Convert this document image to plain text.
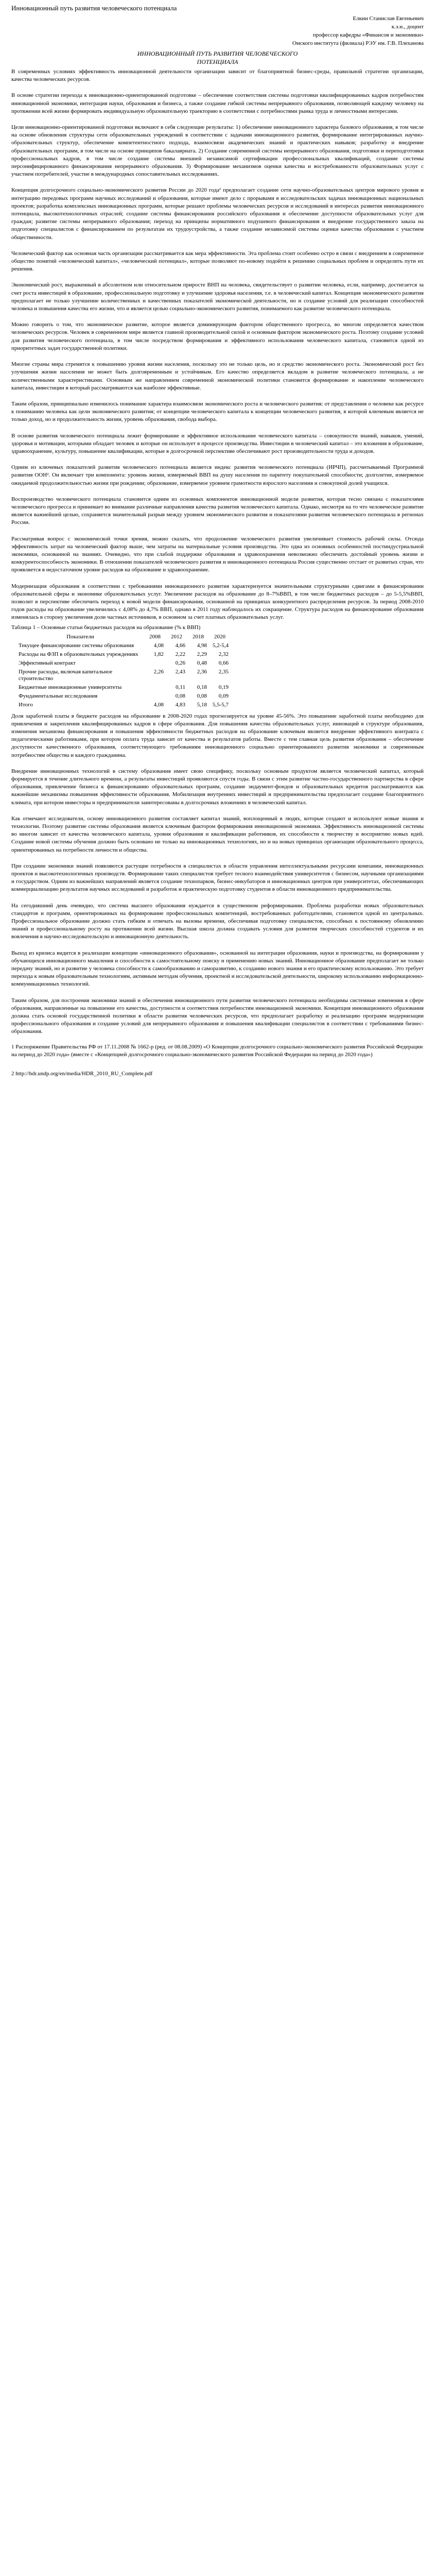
Инновационный путь развития человеческого потенциала
Елкин Станислав Евгеньевич
к.э.н., доцент
профессор кафедры «Финансов и экономики»
Омского института (филиала) РЭУ им. Г.В. Плеханова
ИННОВАЦИОННЫЙ ПУТЬ РАЗВИТИЯ ЧЕЛОВЕЧЕСКОГО
ПОТЕНЦИАЛА

В современных условиях эффективность инновационной деятельности организации зависит от благоприятной бизнес-среды, правильной стратегии организации, качества человеческих ресурсов.

В основе стратегии перехода к инновационно-ориентированной подготовке – обеспечение соответствия системы подготовки квалифицированных кадров потребностям инновационной экономики, интеграция науки, образования и бизнеса, а также создание гибкой системы непрерывного образования, позволяющей каждому человеку на протяжении всей жизни формировать индивидуальную образовательную траекторию в соответствии с потребностями рынка труда и личностными интересами.

Цели инновационно-ориентированной подготовки включают в себя следующие результаты: 1) обеспечение инновационного характера базового образования, в том числе на основе обновления структуры сети образовательных учреждений в соответствии с задачами инновационного развития, формирование интегрированных научно-образовательных структур, обеспечение компетентностного подхода, взаимосвязи академических знаний и практических навыков; разработку и внедрение образовательных программ, в том числе на основе принципов бакалавриата. 2) Создание современной системы непрерывного образования, подготовки и переподготовки профессиональных кадров, в том числе создание системы внешней независимой сертификации профессиональных квалификаций, создание системы персонифицированного финансирования непрерывного образования. 3) Формирование механизмов оценки качества и востребованности образовательных услуг с участием потребителей, участие в международных сопоставительных исследованиях.

Концепция долгосрочного социально-экономического развития России до 2020 года¹ предполагает создание сети научно-образовательных центров мирового уровня и интеграцию передовых программ научных исследований и образования, которые имеют дело с прорывами в исследовательских задачах инновационных национальных проектов; разработка комплексных инновационных программ, которые решают проблемы человеческих ресурсов и исследований в интересах развития инновационного потенциала, высокотехнологичных отраслей; создание системы финансирования российского образования и обеспечение доступности образовательных услуг для граждан; развитие системы непрерывного образования; переход на принципы нормативного подушевого финансирования и внедрение государственного заказа на подготовку специалистов с финансированием по результатам их трудоустройства, а также создание независимой системы оценки качества образования с участием общественности.

Человеческий фактор как основная часть организации рассматривается как мера эффективности. Эта проблема стоит особенно остро в связи с внедрением в современное общество понятий «человеческий капитал», «человеческий потенциал», которые позволяют по-новому подойти к решению социальных проблем и определить пути их решения.

Экономический рост, выраженный в абсолютном или относительном приросте ВНП на человека, свидетельствует о развитии человека, если, например, достигается за счет роста инвестиций в образование, профессиональную подготовку и улучшение здоровья населения, т.е. в человеческий капитал. Концепция экономического развития предполагает не только улучшение количественных и качественных показателей экономической деятельности, но и создание условий для реализации способностей человека и повышения качества его жизни, что и является целью социально-экономического развития, понимаемого как развитие человеческого потенциала.

Можно говорить о том, что экономическое развитие, которое является доминирующим фактором общественного прогресса, во многом определяется качеством человеческих ресурсов. Человек в современном мире является главной производительной силой и основным фактором экономического роста. Поэтому создание условий для развития человеческого потенциала, в том числе посредством формирования и эффективного использования человеческого капитала, становится одной из приоритетных задач государственной политики.

Многие страны мира стремятся к повышению уровня жизни населения, поскольку это не только цель, но и средство экономического роста. Экономический рост без улучшения жизни населения не может быть долговременным и устойчивым. Его качество определяется вкладом в развитие человеческого потенциала, а не количественными характеристиками. Основным же направлением современной экономической политики становится формирование и накопление человеческого капитала, инвестиции в который рассматриваются как наиболее эффективные.

Таким образом, принципиально изменилось понимание характера взаимосвязи экономического роста и человеческого развития: от представления о человеке как ресурсе к пониманию человека как цели экономического развития; от концепции человеческого капитала к концепции человеческого развития, в которой ключевым является не только доход, но и продолжительность жизни, уровень образования, свобода выбора.

В основе развития человеческого потенциала лежит формирование и эффективное использование человеческого капитала – совокупности знаний, навыков, умений, здоровья и мотивации, которыми обладает человек и которые он использует в процессе производства. Инвестиции в человеческий капитал – это вложения в образование, здравоохранение, культуру, повышение квалификации, которые в долгосрочной перспективе обеспечивают рост производительности труда и доходов.

Одним из ключевых показателей развития человеческого потенциала является индекс развития человеческого потенциала (ИРЧП), рассчитываемый Программой развития ООН². Он включает три компонента: уровень жизни, измеряемый ВВП на душу населения по паритету покупательной способности; долголетие, измеряемое ожидаемой продолжительностью жизни при рождении; образование, измеряемое уровнем грамотности взрослого населения и совокупной долей учащихся.

Воспроизводство человеческого потенциала становится одним из основных компонентов инновационной модели развития, которая тесно связана с показателями человеческого прогресса и принимает во внимание различные направления качества развития человеческого капитала. Однако, несмотря на то что человеческое развитие является важнейшей целью, сохраняется значительный разрыв между уровнем экономического развития и показателями развития человеческого потенциала в регионах России.

Рассматривая вопрос с экономической точки зрения, можно сказать, что продолжение человеческого развития увеличивает стоимость рабочей силы. Отсюда эффективность затрат на человеческий фактор выше, чем затраты на материальные условия производства. Это одна из основных особенностей постиндустриальной экономики, основанной на знаниях. Очевидно, что при слабой поддержке образования и здравоохранения невозможно обеспечить достойный уровень жизни и конкурентоспособность экономики. В отношении показателей человеческого развития и инновационного потенциала Россия существенно отстает от развитых стран, что проявляется в недостаточном уровне расходов на образование и здравоохранение.

Модернизация образования в соответствии с требованиями инновационного развития характеризуется значительными структурными сдвигами в финансировании образовательной сферы и экономике образовательных услуг. Увеличение расходов на образование до 8–7%ВВП, в том числе бюджетных расходов – до 5-5,5%ВВП, позволит в перспективе обеспечить переход к новой модели финансирования, основанной на принципах конкурентного распределения ресурсов. За период 2008-2010 годов расходы на образование увеличились с 4,08% до 4,7% ВВП, однако в 2011 году наблюдалось их сокращение. Структура расходов на финансирование образования изменялась в сторону увеличения доли частных источников, в основном за счет платных образовательных услуг.

Таблица 1 – Основные статьи бюджетных расходов на образование (% к ВВП)
Показатели	2008	2012	2018	2020
Текущее финансирование системы образования	4,08	4,66	4,98	5,2-5,4
Расходы на ФЗП в образовательных учреждениях	1,82	2,22	2,29	2,32
Эффективный контракт		0,26	0,48	0,66
Прочие расходы, включая капитальное строительство	2,26	2,43	2,36	2,35
Бюджетные инновационные университеты		0,11	0,18	0,19
Фундаментальные исследования		0,08	0,08	0,09
Итого	4,08	4,83	5,18	5,5-5,7

Доля заработной платы в бюджете расходов на образование в 2008-2020 годах прогнозируется на уровне 45-56%. Это повышение заработной платы необходимо для привлечения и закрепления квалифицированных кадров в сфере образования. Для повышения качества образовательных услуг, инноваций в структуре образования, изменения механизма финансирования и повышения эффективности бюджетных расходов на образование ключевым является внедрение эффективного контракта с педагогическими работниками, при котором оплата труда зависит от качества и результатов работы. Вместе с тем главная цель развития образования – обеспечение доступности качественного образования, соответствующего требованиям инновационного социально ориентированного развития экономики и современным потребностям общества и каждого гражданина.

Внедрение инновационных технологий в систему образования имеет свою специфику, поскольку основным продуктом является человеческий капитал, который формируется в течение длительного времени, а результаты инвестиций проявляются спустя годы. В связи с этим развитие частно-государственного партнерства в сфере образования, привлечение бизнеса к финансированию образовательных программ, создание эндаумент-фондов и образовательных кредитов рассматриваются как важнейшие механизмы повышения эффективности образования. Мобилизация внутренних инвестиций и предпринимательства предполагает создание благоприятного климата, при котором инвесторы и предприниматели заинтересованы в долгосрочных вложениях в человеческий капитал.

Как отмечают исследователи, основу инновационного развития составляет капитал знаний, воплощенный в людях, которые создают и используют новые знания и технологии. Поэтому развитие системы образования является ключевым фактором формирования инновационной экономики. Эффективность инновационной системы во многом зависит от качества человеческого капитала, уровня образования и квалификации работников, их способности к творчеству и восприятию новых идей. Создание новой системы обучения должно быть основано не только на инновационных технологиях, но и на новых принципах организации образовательного процесса, ориентированных на потребности личности и общества.

При создании экономики знаний появляются растущие потребности в специалистах в области управления интеллектуальными ресурсами компании, инновационных проектов и высокотехнологичных производств. Формирование таких специалистов требует тесного взаимодействия университетов с бизнесом, научными организациями и государством. Одним из важнейших направлений является создание технопарков, бизнес-инкубаторов и инновационных центров при университетах, обеспечивающих коммерциализацию результатов научных исследований и разработок и практическую подготовку студентов в области инновационного предпринимательства.

На сегодняшний день очевидно, что система высшего образования нуждается в существенном реформировании. Проблема разработки новых образовательных стандартов и программ, ориентированных на формирование профессиональных компетенций, востребованных работодателями, становится одной из центральных. Профессиональное образование должно стать гибким и отвечать на вызовы времени, обеспечивая подготовку специалистов, способных к постоянному обновлению знаний и профессиональному росту на протяжении всей жизни. Высшая школа должна создавать условия для развития творческих способностей студентов и их вовлечения в научно-исследовательскую и инновационную деятельность.

Выход из кризиса видится в реализации концепции «инновационного образования», основанной на интеграции образования, науки и производства, на формировании у обучающихся инновационного мышления и способности к самостоятельному поиску и применению новых знаний. Инновационное образование предполагает не только передачу знаний, но и развитие у человека способности к самообразованию и саморазвитию, к созданию нового знания и его практическому использованию. Это требует перехода к новым образовательным технологиям, активным методам обучения, проектной и исследовательской деятельности, широкому использованию информационно-коммуникационных технологий.

Таким образом, для построения экономики знаний и обеспечения инновационного пути развития человеческого потенциала необходимы системные изменения в сфере образования, направленные на повышение его качества, доступности и соответствия потребностям инновационной экономики. Концепция инновационного образования должна стать основой государственной политики в области развития человеческих ресурсов, что предполагает разработку и реализацию программ модернизации профессионального образования и создание условий для непрерывного образования и повышения квалификации специалистов в соответствии с требованиями бизнес-образования.

1 Распоряжение Правительства РФ от 17.11.2008 № 1662-р (ред. от 08.08.2009) «О Концепции долгосрочного социально-экономического развития Российской Федерации на период до 2020 года» (вместе с «Концепцией долгосрочного социально-экономического развития Российской Федерации на период до 2020 года»)
2 http://hdr.undp.org/en/media/HDR_2010_RU_Complete.pdf
